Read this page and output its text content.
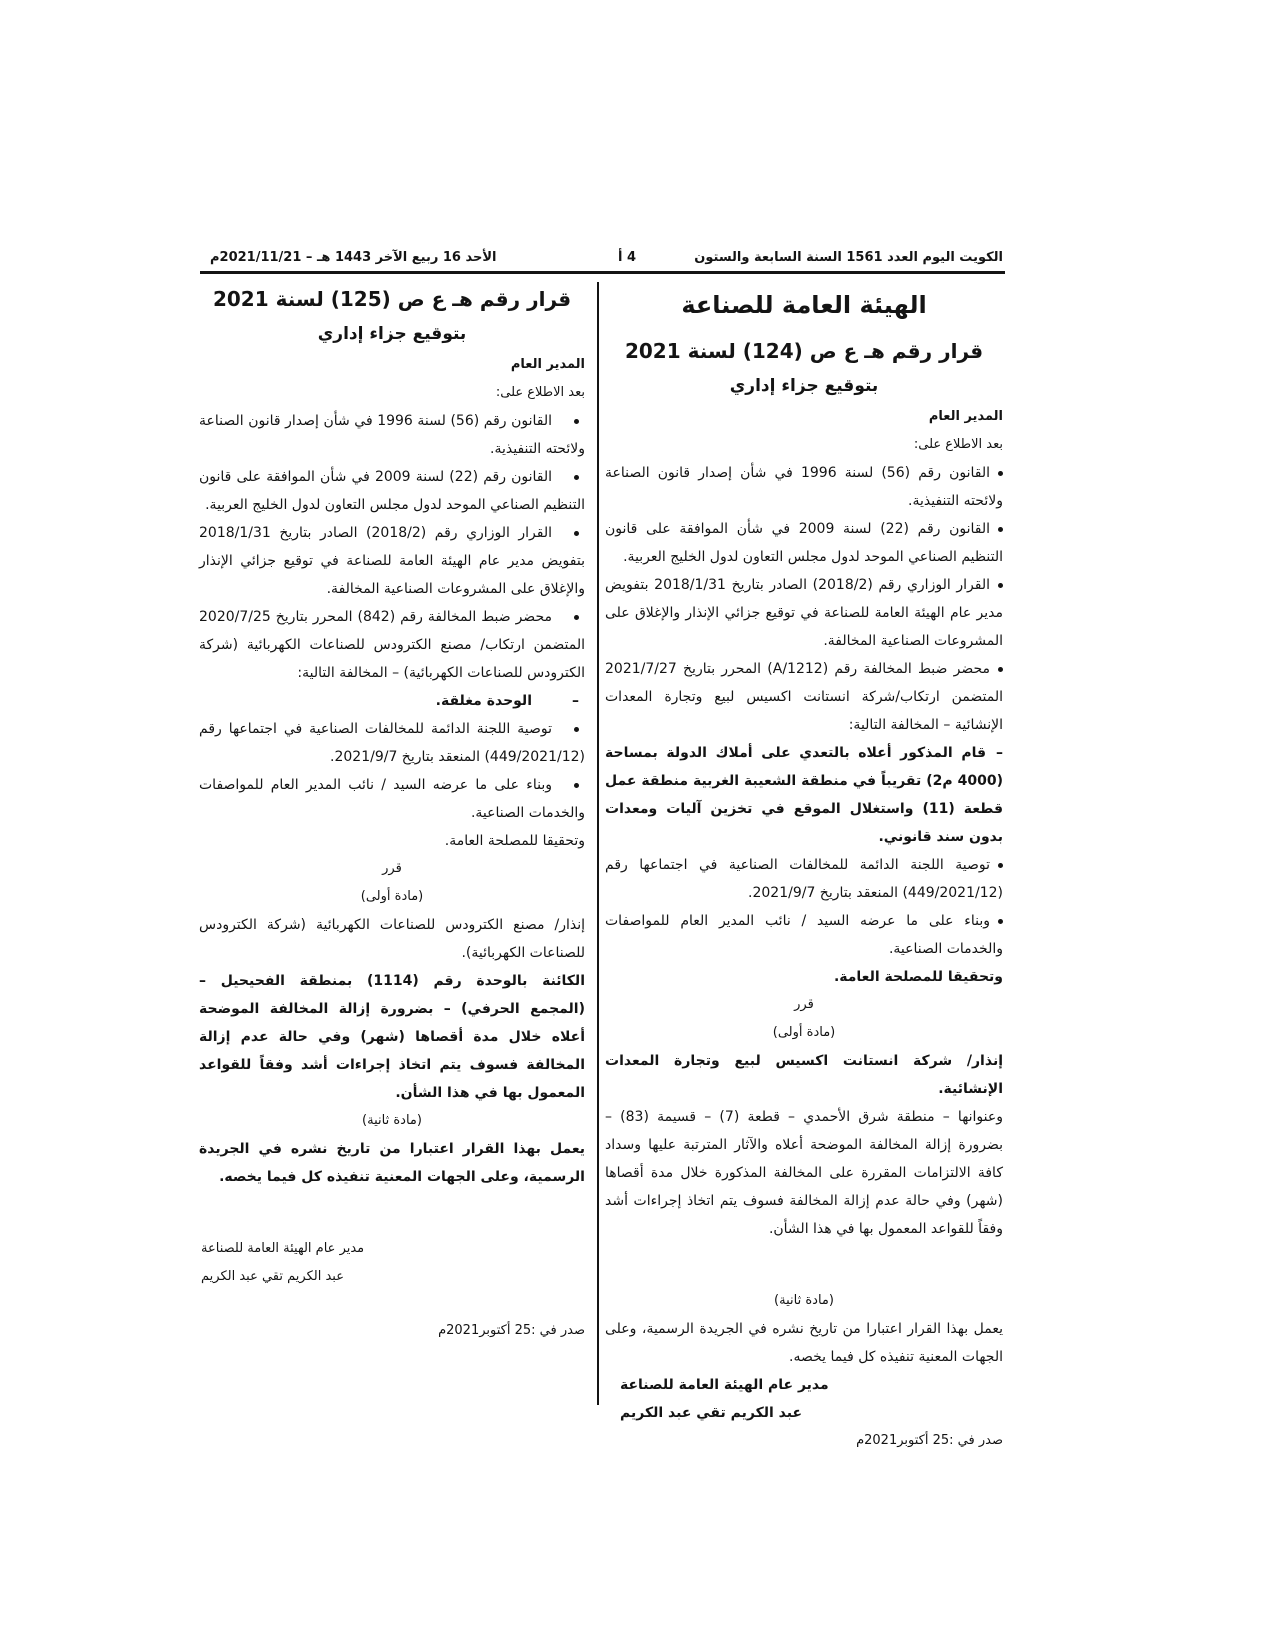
الكويت اليوم العدد 1561 السنة السابعة والستون
4 أ
الأحد 16 ربيع الآخر 1443 هـ – 2021/11/21م

الهيئة العامة للصناعة

قرار رقم هـ ع ص (124) لسنة 2021

بتوقيع جزاء إداري

المدير العام

بعد الاطلاع على:

القانون رقم (56) لسنة 1996 في شأن إصدار قانون الصناعة ولائحته التنفيذية.

القانون رقم (22) لسنة 2009 في شأن الموافقة على قانون التنظيم الصناعي الموحد لدول مجلس التعاون لدول الخليج العربية.

القرار الوزاري رقم (2018/2) الصادر بتاريخ 2018/1/31 بتفويض مدير عام الهيئة العامة للصناعة في توقيع جزائي الإنذار والإغلاق على المشروعات الصناعية المخالفة.

محضر ضبط المخالفة رقم (1212/A) المحرر بتاريخ 2021/7/27 المتضمن ارتكاب/شركة انستانت اكسيس لبيع وتجارة المعدات الإنشائية – المخالفة التالية:

–قام المذكور أعلاه بالتعدي على أملاك الدولة بمساحة (4000 م2) تقريباً في منطقة الشعيبة الغربية منطقة عمل قطعة (11) واستغلال الموقع في تخزين آليات ومعدات بدون سند قانوني.

توصية اللجنة الدائمة للمخالفات الصناعية في اجتماعها رقم (449/2021/12) المنعقد بتاريخ 2021/9/7.

وبناء على ما عرضه السيد / نائب المدير العام للمواصفات والخدمات الصناعية.

وتحقيقا للمصلحة العامة.

قرر

(مادة أولى)

إنذار/ شركة انستانت اكسيس لبيع وتجارة المعدات الإنشائية.

وعنوانها – منطقة شرق الأحمدي – قطعة (7) – قسيمة (83) – بضرورة إزالة المخالفة الموضحة أعلاه والآثار المترتبة عليها وسداد كافة الالتزامات المقررة على المخالفة المذكورة خلال مدة أقصاها (شهر) وفي حالة عدم إزالة المخالفة فسوف يتم اتخاذ إجراءات أشد وفقاً للقواعد المعمول بها في هذا الشأن.

(مادة ثانية)

يعمل بهذا القرار اعتبارا من تاريخ نشره في الجريدة الرسمية، وعلى الجهات المعنية تنفيذه كل فيما يخصه.

مدير عام الهيئة العامة للصناعة

عبد الكريم تقي عبد الكريم

صدر في :25 أكتوبر2021م

قرار رقم هـ ع ص (125) لسنة 2021

بتوقيع جزاء إداري

المدير العام

بعد الاطلاع على:

القانون رقم (56) لسنة 1996 في شأن إصدار قانون الصناعة ولائحته التنفيذية.

القانون رقم (22) لسنة 2009 في شأن الموافقة على قانون التنظيم الصناعي الموحد لدول مجلس التعاون لدول الخليج العربية.

القرار الوزاري رقم (2018/2) الصادر بتاريخ 2018/1/31 بتفويض مدير عام الهيئة العامة للصناعة في توقيع جزائي الإنذار والإغلاق على المشروعات الصناعية المخالفة.

محضر ضبط المخالفة رقم (842) المحرر بتاريخ 2020/7/25 المتضمن ارتكاب/ مصنع الكترودس للصناعات الكهربائية (شركة الكترودس للصناعات الكهربائية) – المخالفة التالية:

–الوحدة مغلقة.

توصية اللجنة الدائمة للمخالفات الصناعية في اجتماعها رقم (449/2021/12) المنعقد بتاريخ 2021/9/7.

وبناء على ما عرضه السيد / نائب المدير العام للمواصفات والخدمات الصناعية.

وتحقيقا للمصلحة العامة.

قرر

(مادة أولى)

إنذار/ مصنع الكترودس للصناعات الكهربائية (شركة الكترودس للصناعات الكهربائية).

الكائنة بالوحدة رقم (1114) بمنطقة الفحيحيل – (المجمع الحرفي) – بضرورة إزالة المخالفة الموضحة أعلاه خلال مدة أقصاها (شهر) وفي حالة عدم إزالة المخالفة فسوف يتم اتخاذ إجراءات أشد وفقاً للقواعد المعمول بها في هذا الشأن.

(مادة ثانية)

يعمل بهذا القرار اعتبارا من تاريخ نشره في الجريدة الرسمية، وعلى الجهات المعنية تنفيذه كل فيما يخصه.

مدير عام الهيئة العامة للصناعة

عبد الكريم تقي عبد الكريم

صدر في :25 أكتوبر2021م
